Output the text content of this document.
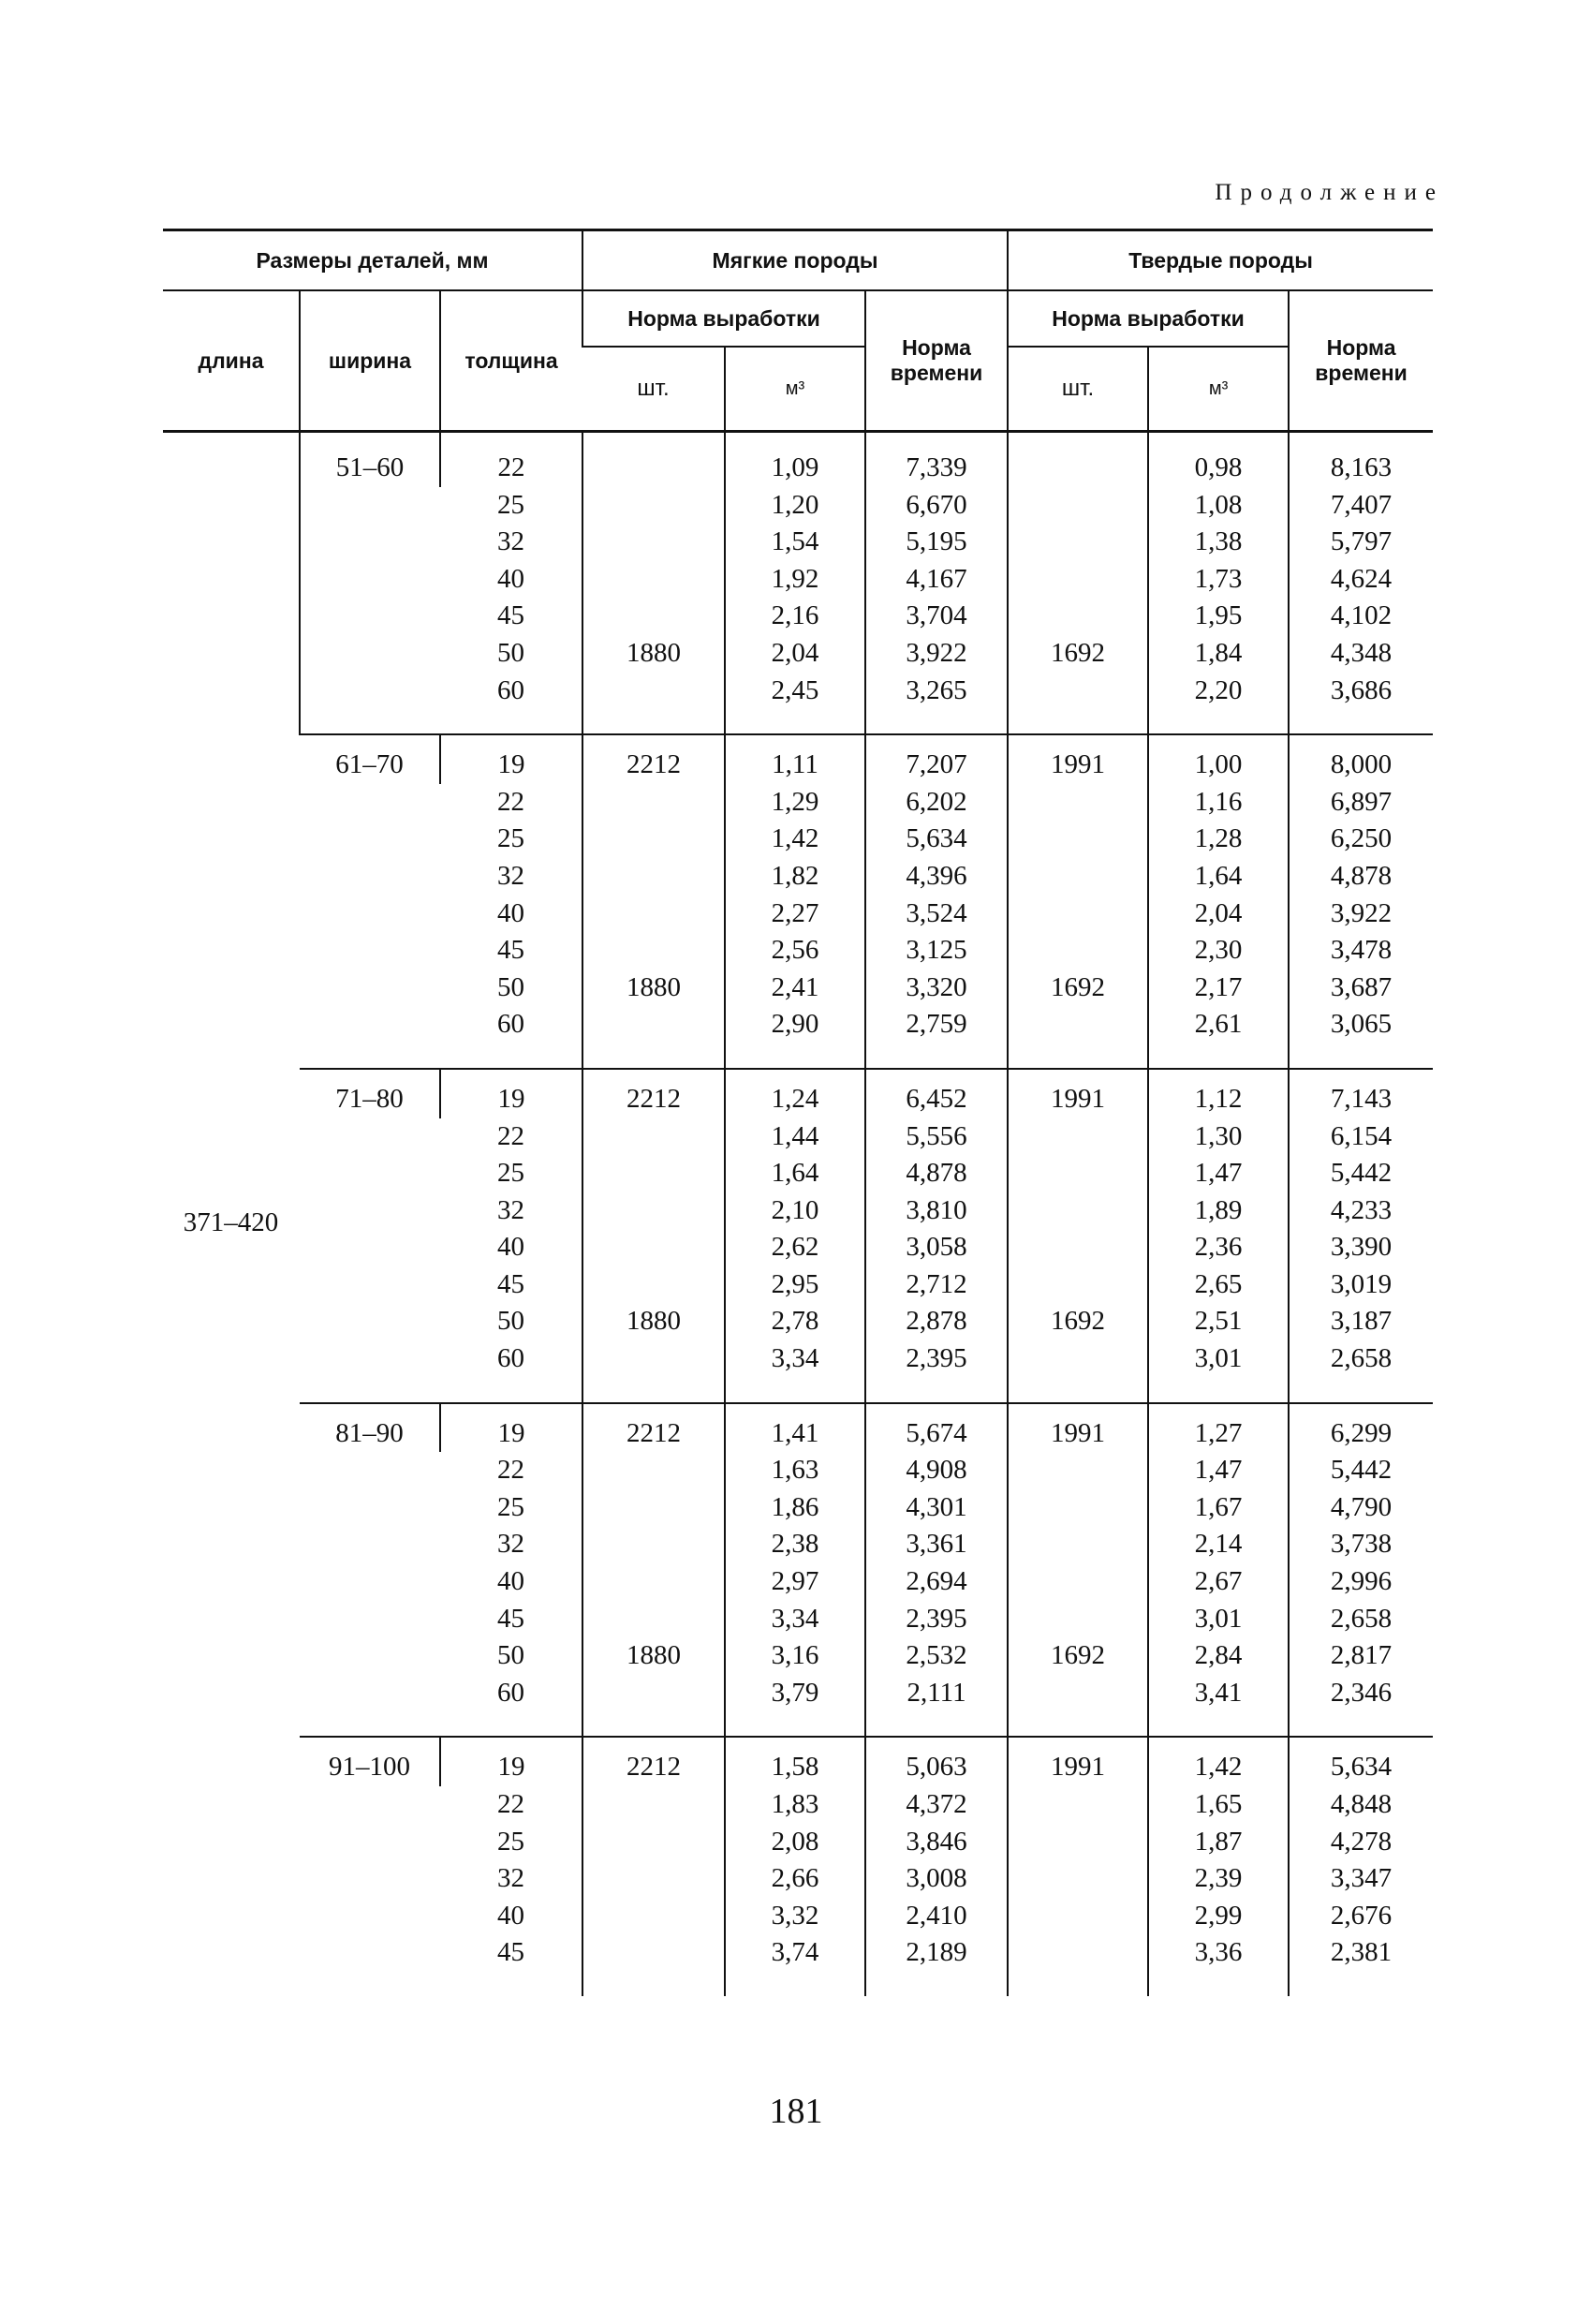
Продолжение
Размеры деталей, мм			Мягкие породы			Твердые породы		
длина	ширина	толщина	Норма выработки		Норма времени	Норма выработки		Норма времени
			шт.	м³		шт.	м³	
371–420	51–60	22		1,09	7,339		0,98	8,163
		25		1,20	6,670		1,08	7,407
		32		1,54	5,195		1,38	5,797
		40		1,92	4,167		1,73	4,624
		45		2,16	3,704		1,95	4,102
		50	1880	2,04	3,922	1692	1,84	4,348
		60		2,45	3,265		2,20	3,686
	61–70	19	2212	1,11	7,207	1991	1,00	8,000
		22		1,29	6,202		1,16	6,897
		25		1,42	5,634		1,28	6,250
		32		1,82	4,396		1,64	4,878
		40		2,27	3,524		2,04	3,922
		45		2,56	3,125		2,30	3,478
		50	1880	2,41	3,320	1692	2,17	3,687
		60		2,90	2,759		2,61	3,065
	71–80	19	2212	1,24	6,452	1991	1,12	7,143
		22		1,44	5,556		1,30	6,154
		25		1,64	4,878		1,47	5,442
		32		2,10	3,810		1,89	4,233
		40		2,62	3,058		2,36	3,390
		45		2,95	2,712		2,65	3,019
		50	1880	2,78	2,878	1692	2,51	3,187
		60		3,34	2,395		3,01	2,658
	81–90	19	2212	1,41	5,674	1991	1,27	6,299
		22		1,63	4,908		1,47	5,442
		25		1,86	4,301		1,67	4,790
		32		2,38	3,361		2,14	3,738
		40		2,97	2,694		2,67	2,996
		45		3,34	2,395		3,01	2,658
		50	1880	3,16	2,532	1692	2,84	2,817
		60		3,79	2,111		3,41	2,346
	91–100	19	2212	1,58	5,063	1991	1,42	5,634
		22		1,83	4,372		1,65	4,848
		25		2,08	3,846		1,87	4,278
		32		2,66	3,008		2,39	3,347
		40		3,32	2,410		2,99	2,676
		45		3,74	2,189		3,36	2,381
181
